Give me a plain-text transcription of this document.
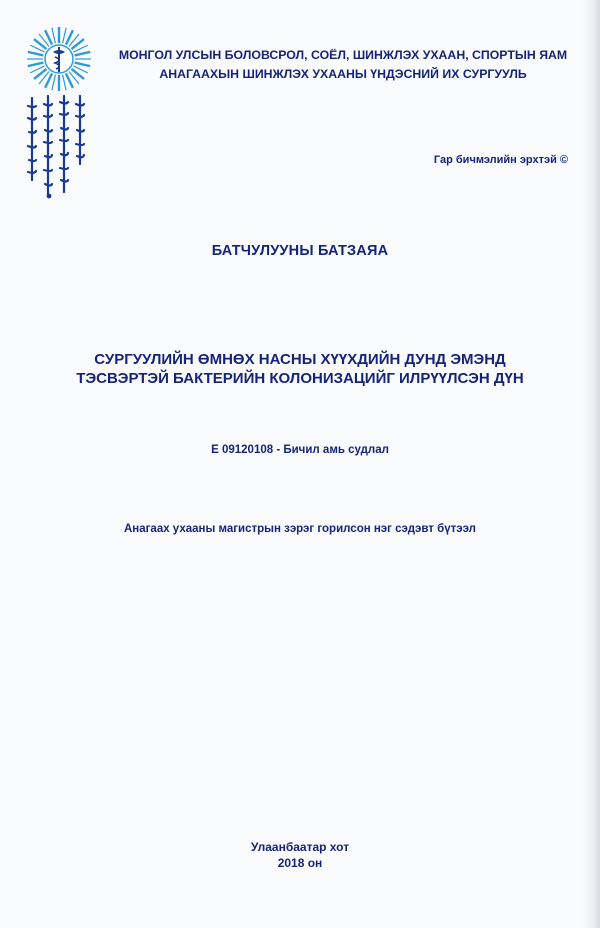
МОНГОЛ УЛСЫН БОЛОВСРОЛ, СОЁЛ, ШИНЖЛЭХ УХААН, СПОРТЫН ЯАМ
АНАГААХЫН ШИНЖЛЭХ УХААНЫ ҮНДЭСНИЙ ИХ СУРГУУЛЬ
Гар бичмэлийн эрхтэй ©
БАТЧУЛУУНЫ БАТЗАЯА
СУРГУУЛИЙН ӨМНӨХ НАСНЫ ХҮҮХДИЙН ДУНД ЭМЭНД
ТЭСВЭРТЭЙ БАКТЕРИЙН КОЛОНИЗАЦИЙГ ИЛРҮҮЛСЭН ДҮН
Е 09120108 - Бичил амь судлал
Анагаах ухааны магистрын зэрэг горилсон нэг сэдэвт бүтээл
Улаанбаатар хот
2018 он
